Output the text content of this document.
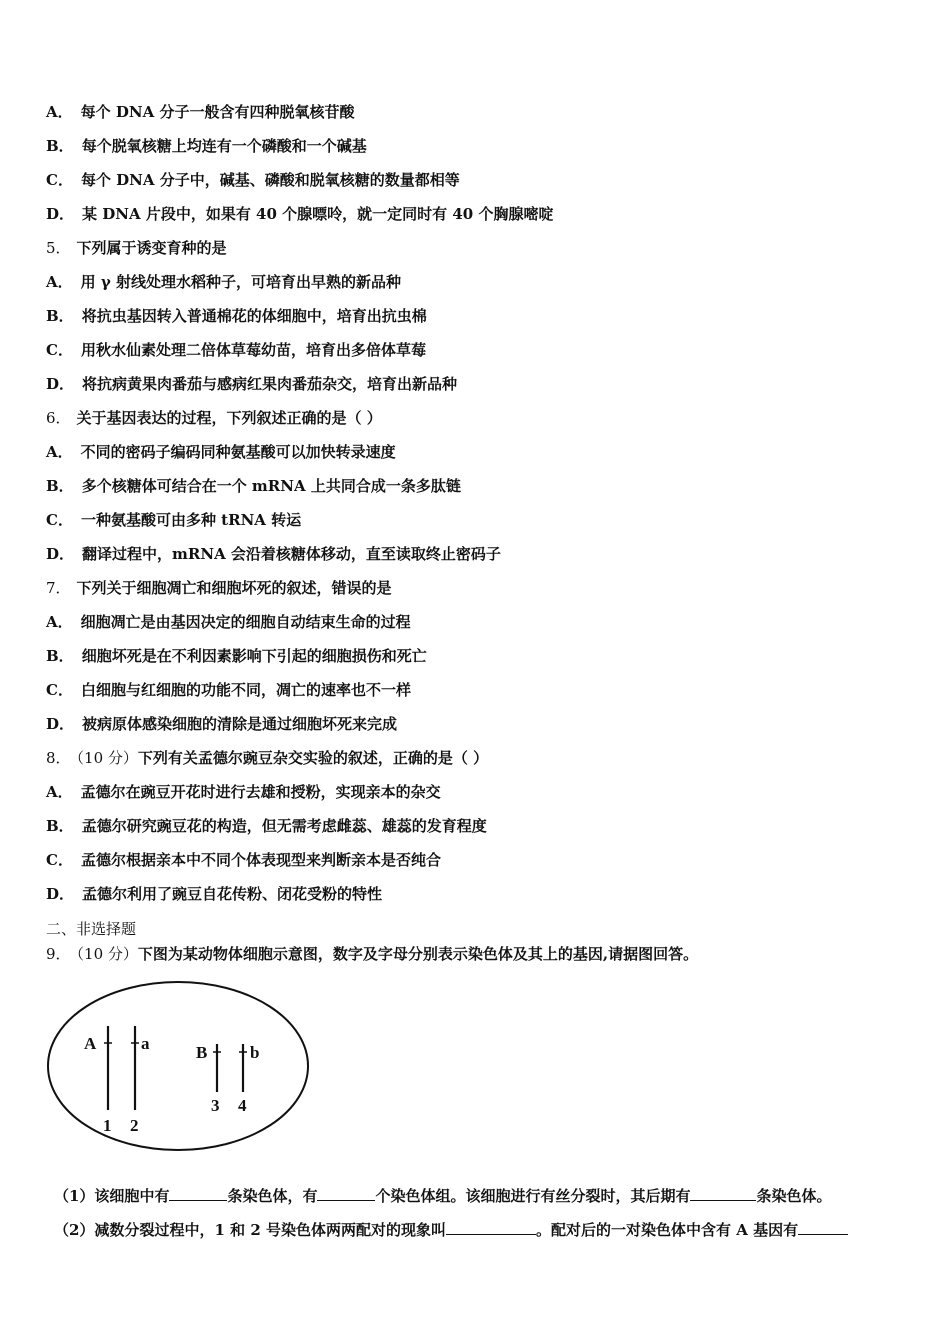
A． 每个 DNA 分子一般含有四种脱氧核苷酸
B． 每个脱氧核糖上均连有一个磷酸和一个碱基
C． 每个 DNA 分子中，碱基、磷酸和脱氧核糖的数量都相等
D． 某 DNA 片段中，如果有 40 个腺嘌呤，就一定同时有 40 个胸腺嘧啶
5． 下列属于诱变育种的是
A． 用 γ 射线处理水稻种子，可培育出早熟的新品种
B． 将抗虫基因转入普通棉花的体细胞中，培育出抗虫棉
C． 用秋水仙素处理二倍体草莓幼苗，培育出多倍体草莓
D． 将抗病黄果肉番茄与感病红果肉番茄杂交，培育出新品种
6． 关于基因表达的过程，下列叙述正确的是（ ）
A． 不同的密码子编码同种氨基酸可以加快转录速度
B． 多个核糖体可结合在一个 mRNA 上共同合成一条多肽链
C． 一种氨基酸可由多种 tRNA 转运
D． 翻译过程中，mRNA 会沿着核糖体移动，直至读取终止密码子
7． 下列关于细胞凋亡和细胞坏死的叙述，错误的是
A． 细胞凋亡是由基因决定的细胞自动结束生命的过程
B． 细胞坏死是在不利因素影响下引起的细胞损伤和死亡
C． 白细胞与红细胞的功能不同，凋亡的速率也不一样
D． 被病原体感染细胞的清除是通过细胞坏死来完成
8． （10 分）下列有关孟德尔豌豆杂交实验的叙述，正确的是（ ）
A． 孟德尔在豌豆开花时进行去雄和授粉，实现亲本的杂交
B． 孟德尔研究豌豆花的构造，但无需考虑雌蕊、雄蕊的发育程度
C． 孟德尔根据亲本中不同个体表现型来判断亲本是否纯合
D． 孟德尔利用了豌豆自花传粉、闭花受粉的特性
二、非选择题
9． （10 分）下图为某动物体细胞示意图，数字及字母分别表示染色体及其上的基因,请据图回答。
A	a	B	b
1 2
3 4
（1）该细胞中有	条染色体，有	个染色体组。该细胞进行有丝分裂时，其后期有	条染色体。
（2）减数分裂过程中，1 和 2 号染色体两两配对的现象叫	。配对后的一对染色体中含有 A 基因有
